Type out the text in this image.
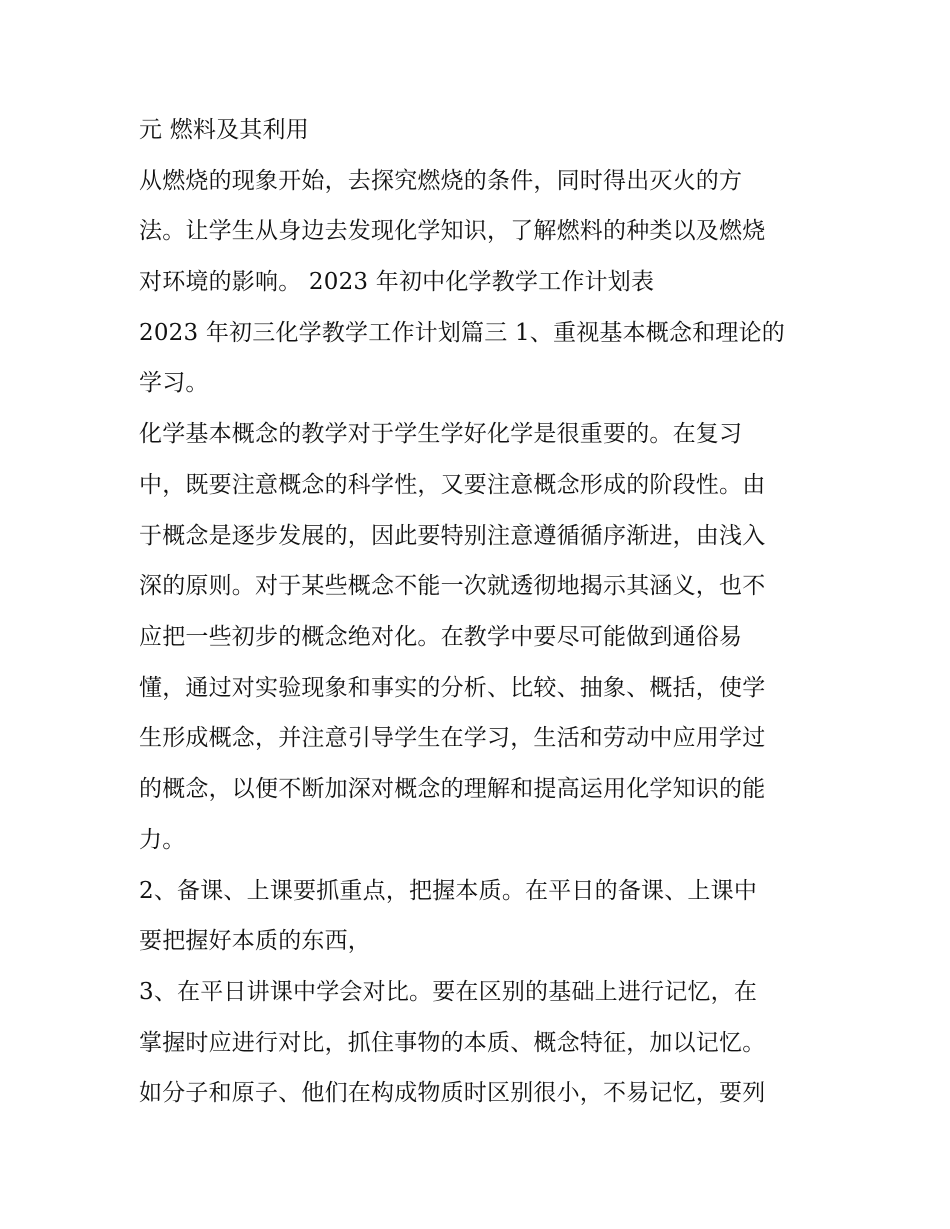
元 燃料及其利用
从燃烧的现象开始，去探究燃烧的条件，同时得出灭火的方
法。让学生从身边去发现化学知识，了解燃料的种类以及燃烧
对环境的影响。 2023 年初中化学教学工作计划表
2023 年初三化学教学工作计划篇三 1、重视基本概念和理论的
学习。
化学基本概念的教学对于学生学好化学是很重要的。在复习
中，既要注意概念的科学性，又要注意概念形成的阶段性。由
于概念是逐步发展的，因此要特别注意遵循循序渐进，由浅入
深的原则。对于某些概念不能一次就透彻地揭示其涵义，也不
应把一些初步的概念绝对化。在教学中要尽可能做到通俗易
懂，通过对实验现象和事实的分析、比较、抽象、概括，使学
生形成概念，并注意引导学生在学习，生活和劳动中应用学过
的概念，以便不断加深对概念的理解和提高运用化学知识的能
力。
2、备课、上课要抓重点，把握本质。在平日的备课、上课中
要把握好本质的东西，
3、在平日讲课中学会对比。要在区别的基础上进行记忆，在
掌握时应进行对比，抓住事物的本质、概念特征，加以记忆。
如分子和原子、他们在构成物质时区别很小，不易记忆，要列
